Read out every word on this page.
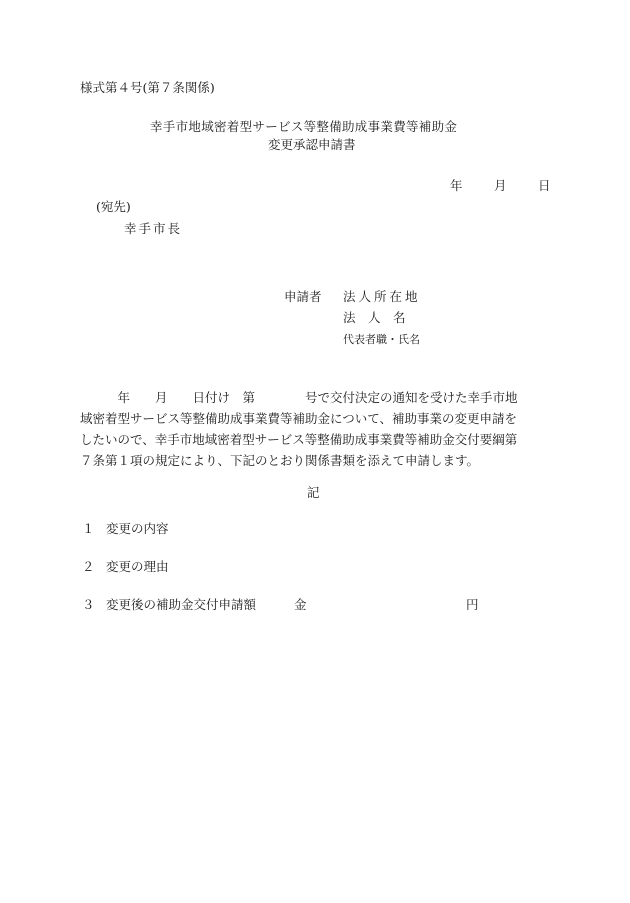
様式第４号(第７条関係)
幸手市地域密着型サービス等整備助成事業費等補助金
変更承認申請書
年	月	日
(宛先)
幸手市長
申請者 法人所在地
法　人　名
代表者職・氏名
　　　年　　月　　日付け　第　　　　号で交付決定の通知を受けた幸手市地
域密着型サービス等整備助成事業費等補助金について、補助事業の変更申請を
したいので、幸手市地域密着型サービス等整備助成事業費等補助金交付要綱第
７条第１項の規定により、下記のとおり関係書類を添えて申請します。
記
１ 変更の内容
２ 変更の理由
３ 変更後の補助金交付申請額	金	円
